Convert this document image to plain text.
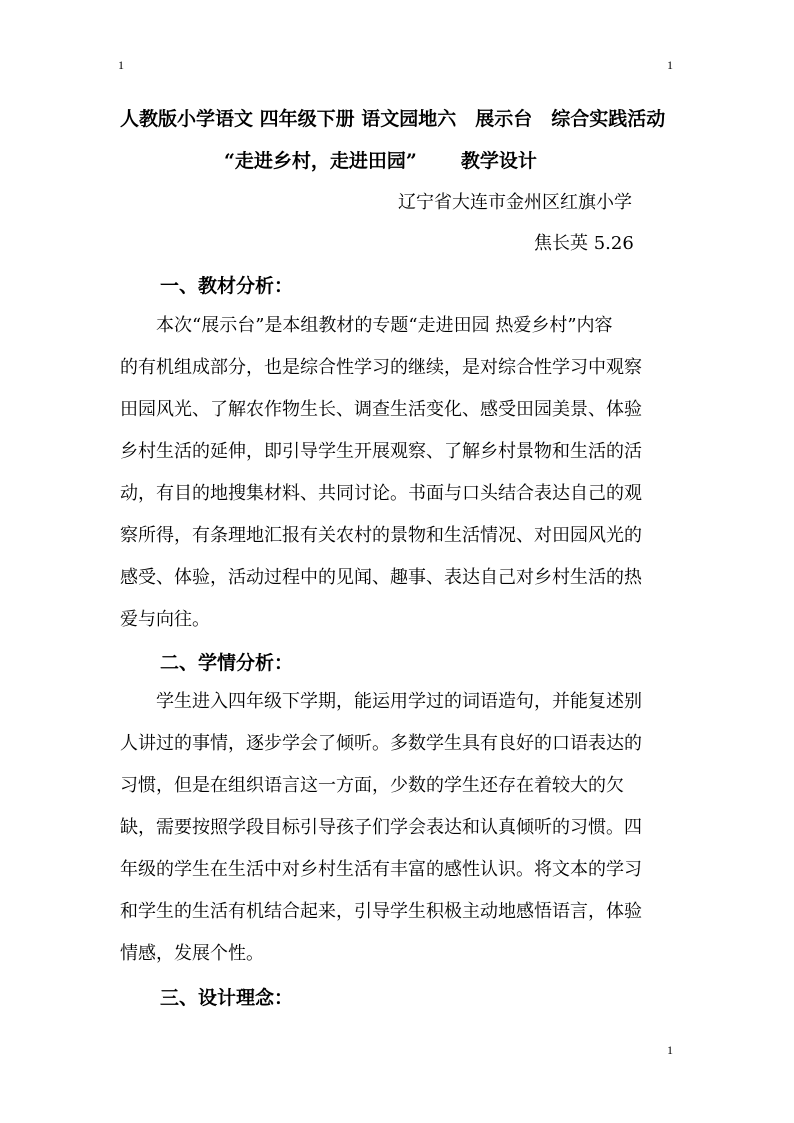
1	1
人教版小学语文 四年级下册 语文园地六　展示台　综合实践活动
“走进乡村，走进田园” 教学设计
辽宁省大连市金州区红旗小学
焦长英 5.26
一、教材分析：
　　本次“展示台”是本组教材的专题“走进田园 热爱乡村”内容
的有机组成部分，也是综合性学习的继续，是对综合性学习中观察
田园风光、了解农作物生长、调查生活变化、感受田园美景、体验
乡村生活的延伸，即引导学生开展观察、了解乡村景物和生活的活
动，有目的地搜集材料、共同讨论。书面与口头结合表达自己的观
察所得，有条理地汇报有关农村的景物和生活情况、对田园风光的
感受、体验，活动过程中的见闻、趣事、表达自己对乡村生活的热
爱与向往。
二、学情分析：
　　学生进入四年级下学期，能运用学过的词语造句，并能复述别
人讲过的事情，逐步学会了倾听。多数学生具有良好的口语表达的
习惯，但是在组织语言这一方面，少数的学生还存在着较大的欠
缺，需要按照学段目标引导孩子们学会表达和认真倾听的习惯。四
年级的学生在生活中对乡村生活有丰富的感性认识。将文本的学习
和学生的生活有机结合起来，引导学生积极主动地感悟语言，体验
情感，发展个性。
三、设计理念：
1
